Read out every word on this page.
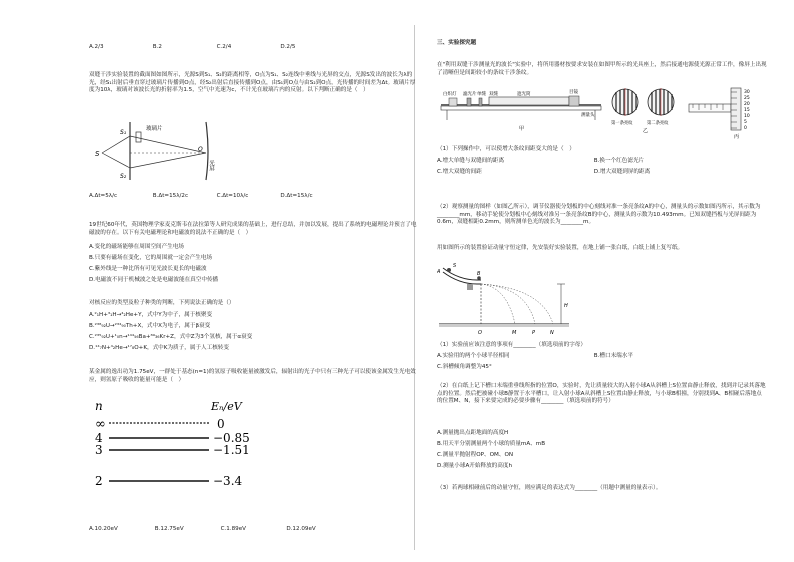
A.2/3	B.2	C.2/4	D.2/5
双缝干涉实验装置的截面图如图所示，光源S到S₁、S₂的距离相等，O点为S₁、S₂连线中垂线与光屏的交点，光源S发出的波长为λ的光，经S₁出射后垂直穿过玻璃片传播到O点，经S₂出射后直接传播到O点，由S₁到O点与由S₂到O点，光传播的时间差为Δt。玻璃片厚度为10λ，玻璃对该波长光的折射率为1.5，空气中光速为c，不计光在玻璃片内的反射。以下判断正确的是（　）
S
S₁
S₂
玻璃片
O
光屏
A.Δt=5λ/c	B.Δt=15λ/2c	C.Δt=10λ/c	D.Δt=15λ/c
19世纪60年代，英国物理学家麦克斯韦在法拉第等人研究成果的基础上，进行总结，并加以发展，提出了系统的电磁理论并预言了电磁波的存在。以下有关电磁理论和电磁波的说法不正确的是（　）
A.变化的磁场能够在周围空间产生电场
B.只要有磁场在变化，它的周围就一定会产生电场
C.紫外线是一种比所有可见光波长更长的电磁波
D.电磁波不同于机械波之处是电磁波能在真空中传播
对核反应的类型及粒子种类的判断，下列说法正确的是（）
A.²₁H+³₁H→⁴₂He+Y，式中Y为中子，属于核聚变
B.²³⁸₉₂U→²³⁴₉₀Th+X，式中X为电子，属于β衰变
C.²³⁵₉₂U+¹₀n→¹⁴⁴₅₆Ba+⁸⁹₃₆Kr+Z，式中Z为3个氢核，属于α衰变
D.¹⁴₇N+⁴₂He→¹⁷₈O+K，式中K为质子，属于人工核转变
某金属的逸出功为1.75eV，一群处于基态(n=1)的氢原子吸收能量被激发后，辐射出的光子中只有三种光子可以使该金属发生光电效应，则氢原子吸收的能量可能是（　）
n	Eₙ/eV
∞	0
4	−0.85
3	−1.51
2	−3.4
A.10.20eV	B.12.75eV	C.1.89eV	D.12.09eV
三、实验探究题
在"利用双缝干涉测量光的波长"实验中，将所用器材按要求安装在如图甲所示的光具座上，然后接通电源使光源正常工作，像屏上出现了清晰但是间距较小的条纹干涉条纹。
白炽灯 滤光片 单缝 双缝	遮光筒	目镜
测量头
甲
第一条亮纹	第二条亮纹
乙
30
25
20
15
10
5
0
丙
（1）下列操作中，可以使增大条纹间距变大的是（　）
A.增大单缝与双缝间的距离	B.换一个红色滤光片
C.增大双缝的间距	D.增大双缝到屏的距离
（2）观察测量的图样（如图乙所示），调节仪器使分划板的中心刻线对准一条亮条纹A的中心，测量头的示数如图丙所示，其示数为________mm，移动手轮使分划板中心刻线对准另一条亮条纹B的中心，测量头的示数为10.493mm。已知双缝挡板与光屏间距为0.6m，双缝相距0.2mm，则所测单色光的波长为________m。
用如图所示的装置验证动量守恒定律，先安装好实验装置，在地上铺一张白纸，白纸上铺上复写纸。
A
S
B
O	M	P	N
H
（1）实验前应该注意的事项有________（填选项前的字母）
A.实验用的两个小球半径相同	B.槽口末端水平
C.斜槽倾角调整为45°
（2）在白纸上记下槽口末端重垂线所指的位置O，实验时，先让质量较大的入射小球A从斜槽上S位置由静止释放，找到并记录其落地点的位置。然后把被碰小球B静置于水平槽口，让入射小球A从斜槽上S位置由静止释放，与小球B相撞，分别找到A、B相碰后落地点的位置M、N，接下来要完成的必要步骤有________（填选项前的符号）
A.测量抛出点距地面的高度H
B.用天平分别测量两个小球的质量mA、mB
C.测量平抛射程OP、OM、ON
D.测量小球A开始释放的高度h
（3）若两球相碰前后的动量守恒，则应满足的表达式为________（用题中测量的量表示）。
